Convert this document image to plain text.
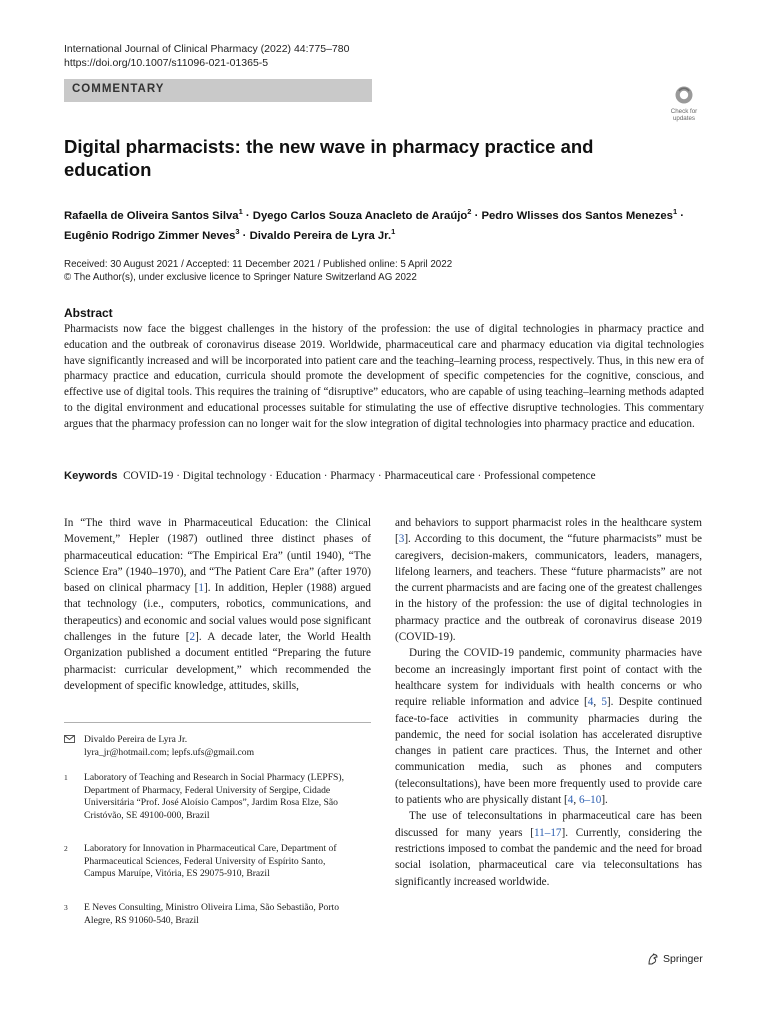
International Journal of Clinical Pharmacy (2022) 44:775–780
https://doi.org/10.1007/s11096-021-01365-5
COMMENTARY
Check for
updates
Digital pharmacists: the new wave in pharmacy practice and education
Rafaella de Oliveira Santos Silva$^1$ · Dyego Carlos Souza Anacleto de Araújo$^2$ · Pedro Wlisses dos Santos Menezes$^1$ ·
Eugênio Rodrigo Zimmer Neves$^3$ · Divaldo Pereira de Lyra Jr.$^1$
Received: 30 August 2021 / Accepted: 11 December 2021 / Published online: 5 April 2022
© The Author(s), under exclusive licence to Springer Nature Switzerland AG 2022
Abstract
Pharmacists now face the biggest challenges in the history of the profession: the use of digital technologies in pharmacy practice and education and the outbreak of coronavirus disease 2019. Worldwide, pharmaceutical care and pharmacy education via digital technologies have significantly increased and will be incorporated into patient care and the teaching–learning process, respectively. Thus, in this new era of pharmacy practice and education, curricula should promote the development of specific competencies for the cognitive, conscious, and effective use of digital tools. This requires the training of “disruptive” educators, who are capable of using teaching–learning methods adapted to the digital environment and educational processes suitable for stimulating the use of effective disruptive technologies. This commentary argues that the pharmacy profession can no longer wait for the slow integration of digital technologies into pharmacy practice and education.
Keywords COVID-19 · Digital technology · Education · Pharmacy · Pharmaceutical care · Professional competence

In “The third wave in Pharmaceutical Education: the Clinical Movement,” Hepler (1987) outlined three distinct phases of pharmaceutical education: “The Empirical Era” (until 1940), “The Science Era” (1940–1970), and “The Patient Care Era” (after 1970) based on clinical pharmacy [1]. In addition, Hepler (1988) argued that technology (i.e., computers, robotics, communications, and therapeutics) and economic and social values would pose significant challenges in the future [2]. A decade later, the World Health Organization published a document entitled “Preparing the future pharmacist: curricular development,” which recommended the development of specific knowledge, attitudes, skills,

Divaldo Pereira de Lyra Jr.
lyra_jr@hotmail.com; lepfs.ufs@gmail.com
1 Laboratory of Teaching and Research in Social Pharmacy (LEPFS), Department of Pharmacy, Federal University of Sergipe, Cidade Universitária “Prof. José Aloísio Campos”, Jardim Rosa Elze, São Cristóvão, SE 49100-000, Brazil
2 Laboratory for Innovation in Pharmaceutical Care, Department of Pharmaceutical Sciences, Federal University of Espírito Santo, Campus Maruípe, Vitória, ES 29075-910, Brazil
3 E Neves Consulting, Ministro Oliveira Lima, São Sebastião, Porto Alegre, RS 91060-540, Brazil

and behaviors to support pharmacist roles in the healthcare system [3]. According to this document, the “future pharmacists” must be caregivers, decision-makers, communicators, leaders, managers, lifelong learners, and teachers. These “future pharmacists” are not the current pharmacists and are facing one of the greatest challenges in the history of the profession: the use of digital technologies in pharmacy practice and the outbreak of coronavirus disease 2019 (COVID-19).

During the COVID-19 pandemic, community pharmacies have become an increasingly important first point of contact with the healthcare system for individuals with health concerns or who require reliable information and advice [4, 5]. Despite continued face-to-face activities in community pharmacies during the pandemic, the need for social isolation has accelerated disruptive changes in patient care practices. Thus, the Internet and other communication media, such as phones and computers (teleconsultations), have been more frequently used to provide care to patients who are physically distant [4, 6–10].

The use of teleconsultations in pharmaceutical care has been discussed for many years [11–17]. Currently, considering the restrictions imposed to combat the pandemic and the need for broad social isolation, pharmaceutical care via teleconsultations has significantly increased worldwide.

Springer
